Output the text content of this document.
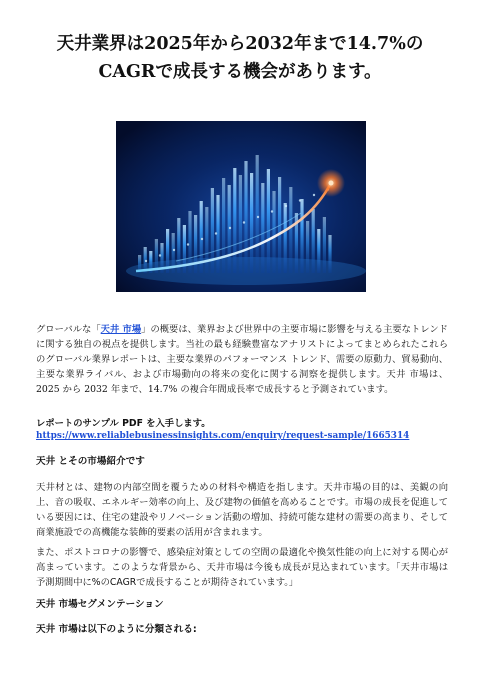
天井業界は2025年から2032年まで14.7%の
CAGRで成長する機会があります。

グローバルな「天井 市場」の概要は、業界および世界中の主要市場に影響を与える主要なトレンドに関する独自の視点を提供します。当社の最も経験豊富なアナリストによってまとめられたこれらのグローバル業界レポートは、主要な業界のパフォーマンス トレンド、需要の原動力、貿易動向、主要な業界ライバル、および市場動向の将来の変化に関する洞察を提供します。天井 市場は、2025 から 2032 年まで、14.7% の複合年間成長率で成長すると予測されています。

レポートのサンプル PDF を入手します。

https://www.reliablebusinessinsights.com/enquiry/request-sample/1665314

天井 とその市場紹介です

天井材とは、建物の内部空間を覆うための材料や構造を指します。天井市場の目的は、美観の向上、音の吸収、エネルギー効率の向上、及び建物の価値を高めることです。市場の成長を促進している要因には、住宅の建設やリノベーション活動の増加、持続可能な建材の需要の高まり、そして商業施設での高機能な装飾的要素の活用が含まれます。

また、ポストコロナの影響で、感染症対策としての空間の最適化や換気性能の向上に対する関心が高まっています。このような背景から、天井市場は今後も成長が見込まれています。「天井市場は予測期間中に%のCAGRで成長することが期待されています。」

天井 市場セグメンテーション

天井 市場は以下のように分類される:
